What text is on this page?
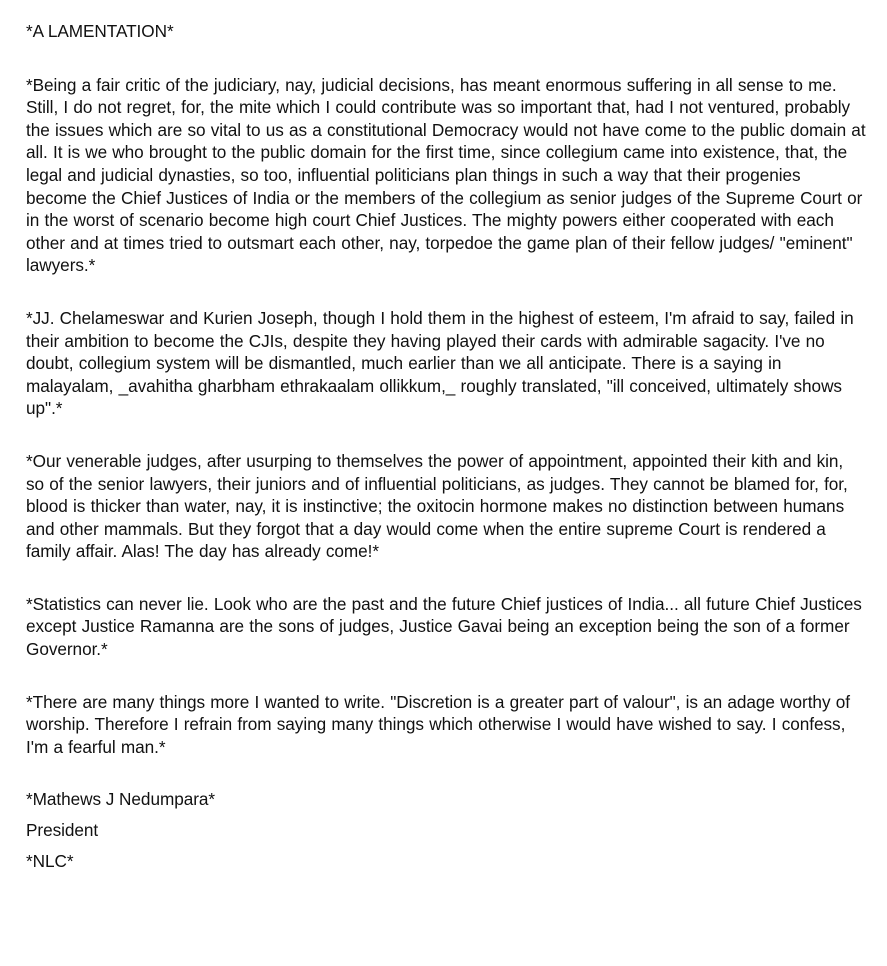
*A LAMENTATION*
*Being a fair critic of the judiciary, nay, judicial decisions, has meant enormous suffering in all sense to me. Still, I do not regret, for, the mite which I could contribute was so important that, had I not ventured, probably the issues which are so vital to us as a constitutional Democracy would not have come to the public domain at all. It is we who brought to the public domain for the first time, since collegium came into existence, that, the legal and judicial dynasties, so too, influential politicians plan things in such a way that their progenies become the Chief Justices of India or the members of the collegium as senior judges of the Supreme Court or in the worst of scenario become high court Chief Justices. The mighty powers either cooperated with each other and at times tried to outsmart each other, nay, torpedoe the game plan of their fellow judges/ "eminent" lawyers.*
*JJ. Chelameswar and Kurien Joseph, though I hold them in the highest of esteem, I'm afraid to say, failed in their ambition to become the CJIs, despite they having played their cards with admirable sagacity. I've no doubt, collegium system will be dismantled, much earlier than we all anticipate. There is a saying in malayalam, _avahitha gharbham ethrakaalam ollikkum,_ roughly translated, "ill conceived, ultimately shows up".*
*Our venerable judges, after usurping to themselves the power of appointment, appointed their kith and kin, so of the senior lawyers, their juniors and of influential politicians, as judges. They cannot be blamed for, for, blood is thicker than water, nay, it is instinctive; the oxitocin hormone makes no distinction between humans and other mammals. But they forgot that a day would come when the entire supreme Court is rendered a family affair. Alas! The day has already come!*
*Statistics can never lie. Look who are the past and the future Chief justices of India... all future Chief Justices except Justice Ramanna are the sons of judges, Justice Gavai being an exception being the son of a former Governor.*
*There are many things more I wanted to write. "Discretion is a greater part of valour", is an adage worthy of worship. Therefore I refrain from saying many things which otherwise I would have wished to say. I confess, I'm a fearful man.*
*Mathews J Nedumpara*
President
*NLC*
